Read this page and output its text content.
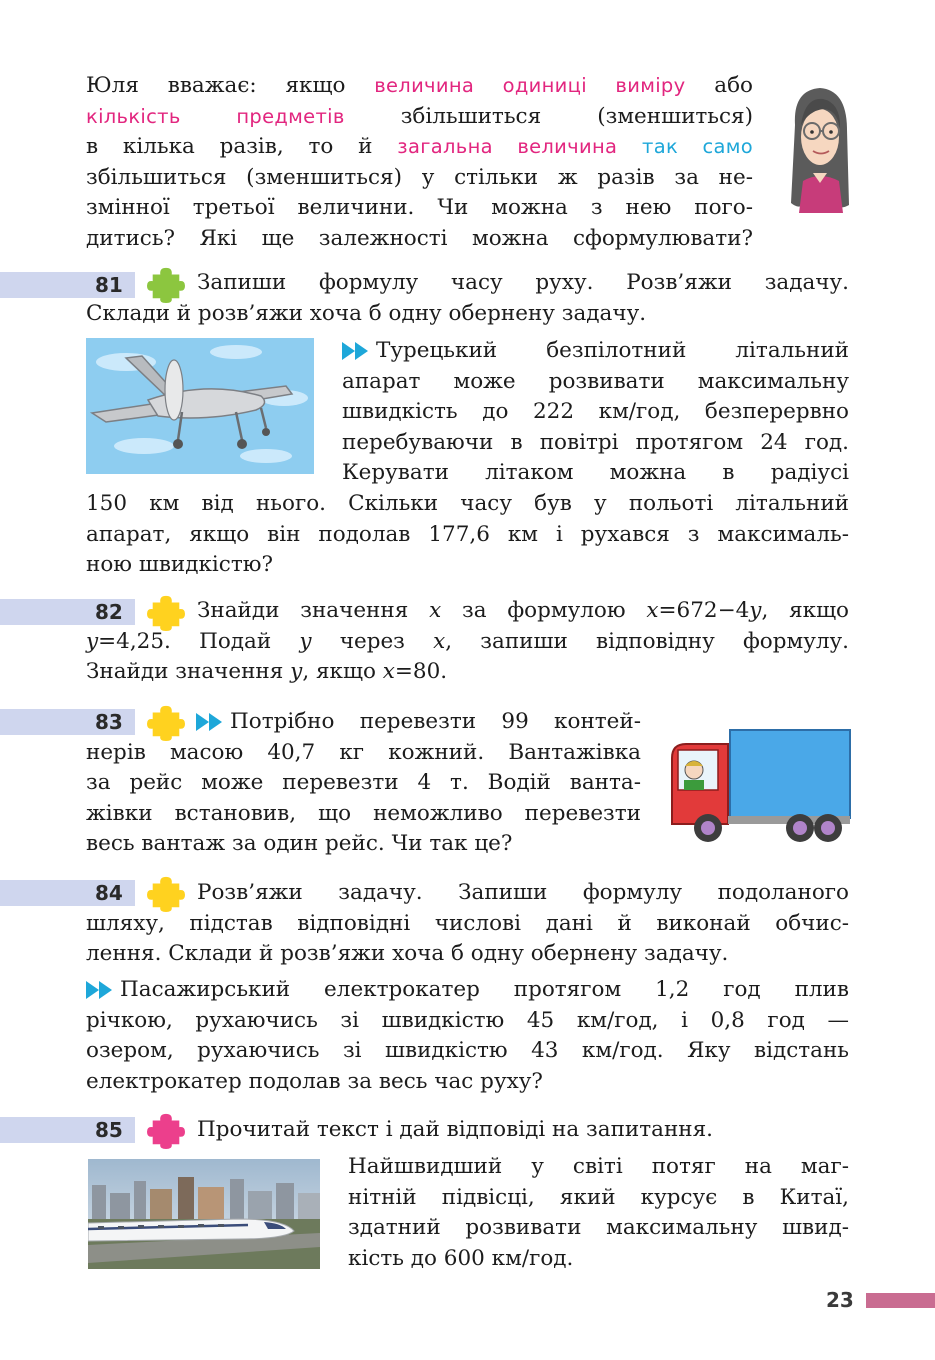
Юля вважає: якщо величина одиниці виміру або
кількість предметів збільшиться (зменшиться)
в кілька разів, то й загальна величина так само
збільшиться (зменшиться) у стільки ж разів за не-
змінної третьої величини. Чи можна з нею пого-
дитись? Які ще залежності можна сформулювати?
81	Запиши формулу часу руху. Розв’яжи задачу.
Склади й розв’яжи хоча б одну обернену задачу.
Турецький безпілотний літальний
апарат може розвивати максимальну
швидкість до 222 км/год, безперервно
перебуваючи в повітрі протягом 24 год.
Керувати літаком можна в радіусі
150 км від нього. Скільки часу був у польоті літальний
апарат, якщо він подолав 177,6 км і рухався з максималь-
ною швидкістю?
82	Знайди значення x за формулою x=672−4y, якщо
y=4,25. Подай y через x, запиши відповідну формулу.
Знайди значення y, якщо x=80.
83	Потрібно перевезти 99 контей-
нерів масою 40,7 кг кожний. Вантажівка
за рейс може перевезти 4 т. Водій ванта-
жівки встановив, що неможливо перевезти
весь вантаж за один рейс. Чи так це?
84	Розв’яжи задачу. Запиши формулу подоланого
шляху, підстав відповідні числові дані й виконай обчис-
лення. Склади й розв’яжи хоча б одну обернену задачу.
Пасажирський електрокатер протягом 1,2 год плив
річкою, рухаючись зі швидкістю 45 км/год, і 0,8 год —
озером, рухаючись зі швидкістю 43 км/год. Яку відстань
електрокатер подолав за весь час руху?
85	Прочитай текст і дай відповіді на запитання.
Найшвидший у світі потяг на маг-
нітній підвісці, який курсує в Китаї,
здатний розвивати максимальну швид-
кість до 600 км/год.
23
